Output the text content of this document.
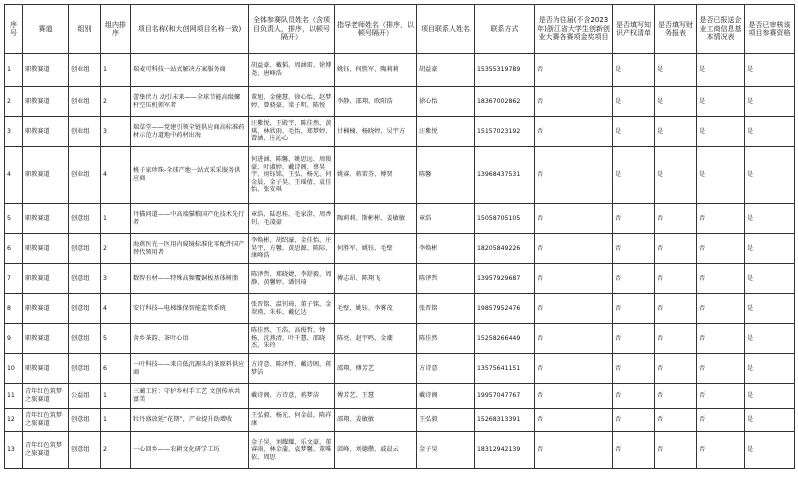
序号	赛道	组别	组内排序	项目名称(和大创网项目名称一致)	全体参赛队员姓名（含项目负责人，排序，以顿号隔开）	指导老师姓名（排序，以顿号隔开）	项目联系人姓名	联系方式	是否为往届(不含2023年)浙江省大学生创新创业大赛各赛项金奖项目	是否填写知识产权清单	是否填写财务报表	是否已报送企业工商信息基本情况表	是否已审核该项目参赛资格
1	职教赛道	创业组	1	瑞麦可科技一站式解决方案服务商	胡益豪、戴韬、周涵雷、徐博尧、唐峰浩	姚钰、何胜军、陶莉莉	胡益豪	15355319789	否	是	是	是	是
2	职教赛道	创业组	2	蕾挚伏力 动引未来——全球节能高级螺杆空压机领军者	董旭、金健慧、徐心怡、赵梦婷、曾骁豪、梁子明、陈悦	李静、邵翔、欧阳浩	徐心怡	18367002862	否	是	是	是	是
3	职教赛道	创业组	3	瑞草堂——党建引领全链供应商高标准药材示范力道地中药材出海	汪紫悦、王殿宇、陈佳然、黄琪、林欣雨、毛怡、郑梦婷、曾涵、庄沁心	甘楠楠、杨晓婷、吴宇方	汪紫悦	15157023192	否	是	是	是	是
4	职教赛道	创业组	4	桃子家珍珠-全球产地一站式采采服务供应商	何进涵、陈馨、姚思远、周俊豪、叶淑婷、戴诗阁、蔡昊宇、房钰铭、王弘、杨光、何金晨、金子昊、王瑶倩、袁佳怡、张安琪	姚睿、蒋雷芬、傅贤	陈馨	13968437531	否	是	是	是	是
5	职教赛道	创意组	1	丹猫问道——中高端猫粮国产化技术先行者	章浩、陆思桂、毛家澄、周香钊、毛凌豪	陶莉莉、斯彬彬、姜敏敏	章浩	15058705105	否	否	否	否	是
6	职教赛道	创意组	2	海燕医光一医用内窥镜标准化零配件国产替代领用者	李焕彬、胡绍濠、金佳怡、庄昊宇、方馨、黄思源、陈际、康峰浩	何胜军、姚钰、毛壁	李焕彬	18205849226	否	否	否	否	是
7	职教赛道	创意组	3	数智有材——特殊高频覆铜板基体树脂	陈泽哲、郑晓婕、李舒毅、周静、黄馨婷、潘钊琦	傅志昂、陈翔飞	陈泽哲	13957929687	否	否	否	否	是
8	职教赛道	创意组	4	安行科技—电梯维保智能监管系统	张晋铭、温钊琦、董子铭、金翠瑛、朱桂、戴亿达	毛壁、姚钰、李雾茂	张晋铭	19857952476	否	否	否	否	是
9	职教赛道	创意组	5	舍乡茶韵、茶叶心语	陈佳然、王浩、高俊哲、钟杨、沈燕清、叶千慧、邵晓杰、朱玲	陈亮、赵宇鸣、金潮	陈佳然	15258266449	否	否	否	否	是
10	职教赛道	创意组	6	一叶科技——来自低沉源头的茶原料供应商	方诗意、陈泽哲、戴诗阁、蒋梦洁	邵翔、傅芳艺	方诗意	13575641151	否	否	否	否	是
11	青年红色筑梦之旅赛道	公益组	1	三蔺工匠：守护乡村手工艺 文创传承共富美	戴诗阁、方诗意、蒋梦洁	傅芳艺、王慧	戴诗阁	19957047767	否	否	否	否	是
12	青年红色筑梦之旅赛道	创意组	1	牡丹盛放延“花期”，产业提升助增收	王弘毅、杨光、何金晨、陈祥康	邵翔、姜敏敏	王弘毅	15268313391	否	否	否	否	是
13	青年红色筑梦之旅赛道	创意组	2	一心回乡——农耕文化研学工坊	金子昊、刘耀耀、乐文豪、董睿雨、林金蒲、袁梦馨、董唯依、周思	邱峰、刘德攒、戚晨云	金子昊	18312942139	否	否	否	否	是
